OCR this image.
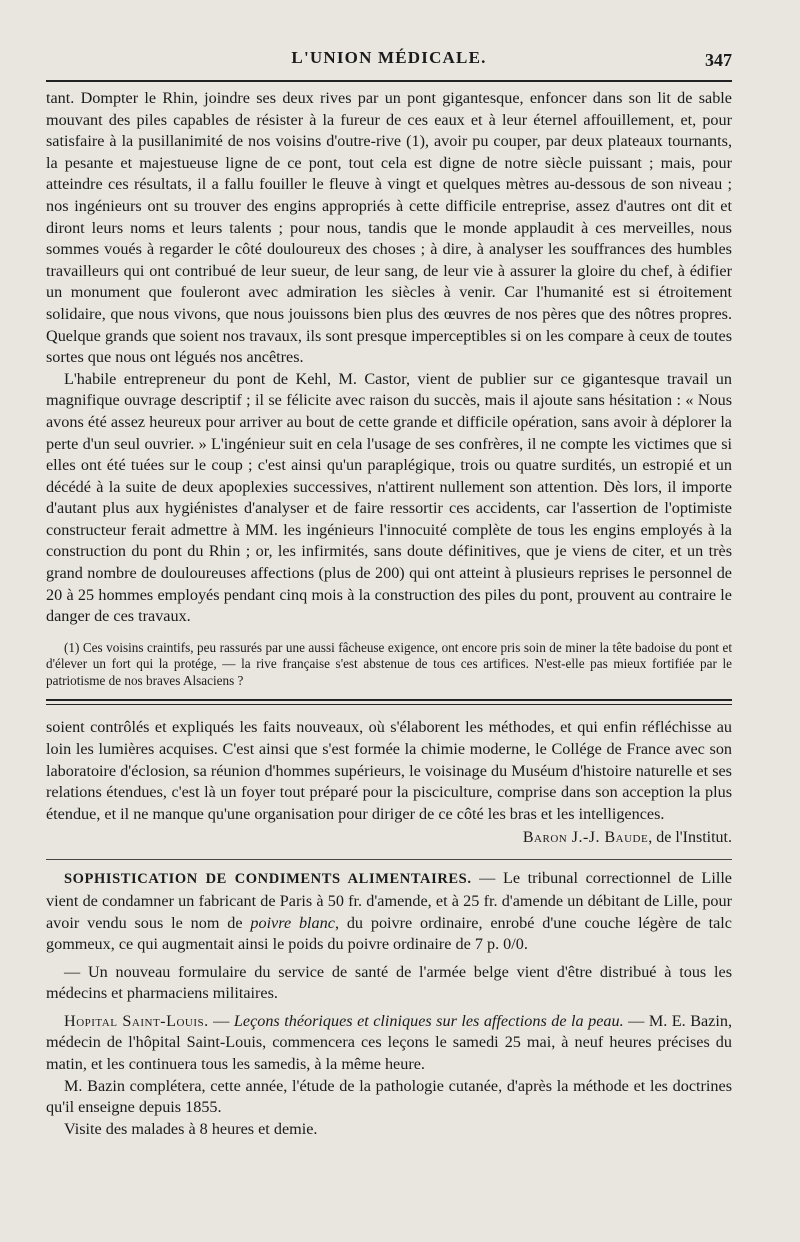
L'UNION MÉDICALE.	347

tant. Dompter le Rhin, joindre ses deux rives par un pont gigantesque, enfoncer dans son lit de sable mouvant des piles capables de résister à la fureur de ces eaux et à leur éternel affouillement, et, pour satisfaire à la pusillanimité de nos voisins d'outre-rive (1), avoir pu couper, par deux plateaux tournants, la pesante et majestueuse ligne de ce pont, tout cela est digne de notre siècle puissant ; mais, pour atteindre ces résultats, il a fallu fouiller le fleuve à vingt et quelques mètres au-dessous de son niveau ; nos ingénieurs ont su trouver des engins appropriés à cette difficile entreprise, assez d'autres ont dit et diront leurs noms et leurs talents ; pour nous, tandis que le monde applaudit à ces merveilles, nous sommes voués à regarder le côté douloureux des choses ; à dire, à analyser les souffrances des humbles travailleurs qui ont contribué de leur sueur, de leur sang, de leur vie à assurer la gloire du chef, à édifier un monument que fouleront avec admiration les siècles à venir. Car l'humanité est si étroitement solidaire, que nous vivons, que nous jouissons bien plus des œuvres de nos pères que des nôtres propres. Quelque grands que soient nos travaux, ils sont presque imperceptibles si on les compare à ceux de toutes sortes que nous ont légués nos ancêtres.

L'habile entrepreneur du pont de Kehl, M. Castor, vient de publier sur ce gigantesque travail un magnifique ouvrage descriptif ; il se félicite avec raison du succès, mais il ajoute sans hésitation : « Nous avons été assez heureux pour arriver au bout de cette grande et difficile opération, sans avoir à déplorer la perte d'un seul ouvrier. » L'ingénieur suit en cela l'usage de ses confrères, il ne compte les victimes que si elles ont été tuées sur le coup ; c'est ainsi qu'un paraplégique, trois ou quatre surdités, un estropié et un décédé à la suite de deux apoplexies successives, n'attirent nullement son attention. Dès lors, il importe d'autant plus aux hygiénistes d'analyser et de faire ressortir ces accidents, car l'assertion de l'optimiste constructeur ferait admettre à MM. les ingénieurs l'innocuité complète de tous les engins employés à la construction du pont du Rhin ; or, les infirmités, sans doute définitives, que je viens de citer, et un très grand nombre de douloureuses affections (plus de 200) qui ont atteint à plusieurs reprises le personnel de 20 à 25 hommes employés pendant cinq mois à la construction des piles du pont, prouvent au contraire le danger de ces travaux.

(1) Ces voisins craintifs, peu rassurés par une aussi fâcheuse exigence, ont encore pris soin de miner la tête badoise du pont et d'élever un fort qui la protége, — la rive française s'est abstenue de tous ces artifices. N'est-elle pas mieux fortifiée par le patriotisme de nos braves Alsaciens ?

soient contrôlés et expliqués les faits nouveaux, où s'élaborent les méthodes, et qui enfin réfléchisse au loin les lumières acquises. C'est ainsi que s'est formée la chimie moderne, le Collége de France avec son laboratoire d'éclosion, sa réunion d'hommes supérieurs, le voisinage du Muséum d'histoire naturelle et ses relations étendues, c'est là un foyer tout préparé pour la pisciculture, comprise dans son acception la plus étendue, et il ne manque qu'une organisation pour diriger de ce côté les bras et les intelligences.

Baron J.-J. Baude, de l'Institut.

SOPHISTICATION DE CONDIMENTS ALIMENTAIRES. — Le tribunal correctionnel de Lille vient de condamner un fabricant de Paris à 50 fr. d'amende, et à 25 fr. d'amende un débitant de Lille, pour avoir vendu sous le nom de poivre blanc, du poivre ordinaire, enrobé d'une couche légère de talc gommeux, ce qui augmentait ainsi le poids du poivre ordinaire de 7 p. 0/0.

— Un nouveau formulaire du service de santé de l'armée belge vient d'être distribué à tous les médecins et pharmaciens militaires.

Hopital Saint-Louis. — Leçons théoriques et cliniques sur les affections de la peau. — M. E. Bazin, médecin de l'hôpital Saint-Louis, commencera ces leçons le samedi 25 mai, à neuf heures précises du matin, et les continuera tous les samedis, à la même heure.

M. Bazin complétera, cette année, l'étude de la pathologie cutanée, d'après la méthode et les doctrines qu'il enseigne depuis 1855.

Visite des malades à 8 heures et demie.
